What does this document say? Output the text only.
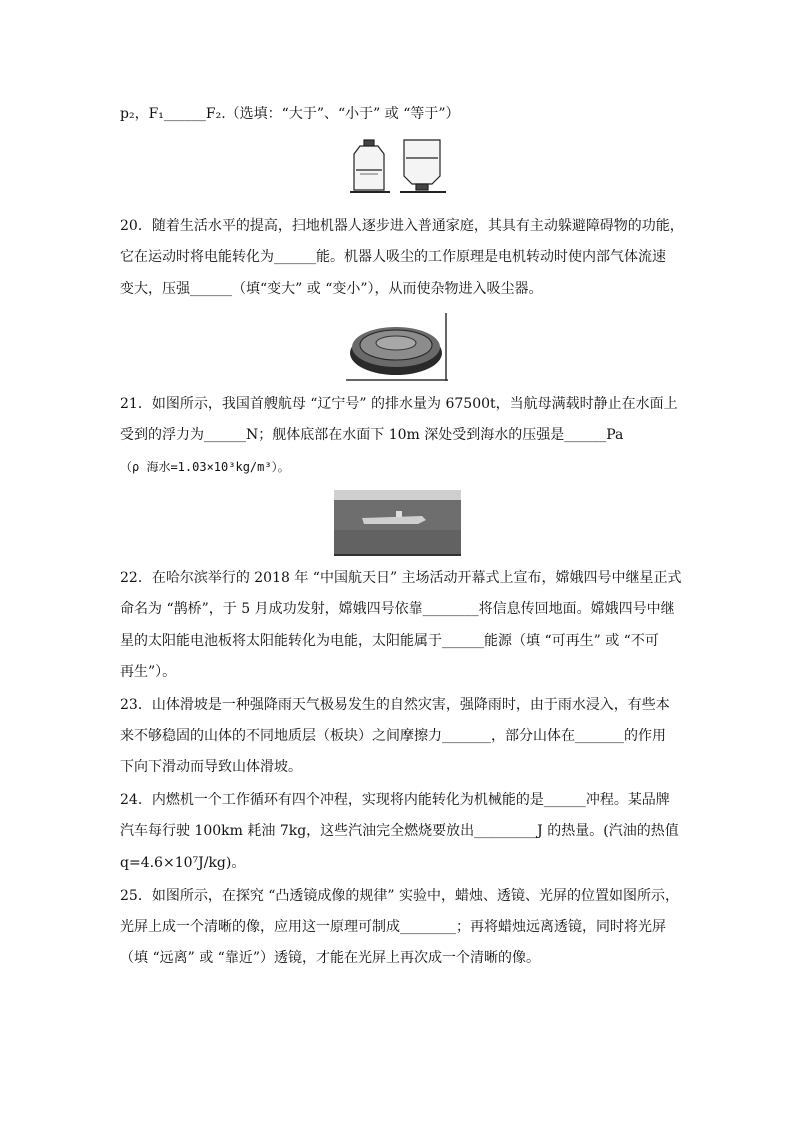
p₂，F₁______F₂.（选填：“大于”、“小于” 或 “等于”）
20．随着生活水平的提高，扫地机器人逐步进入普通家庭，其具有主动躲避障碍物的功能，
它在运动时将电能转化为______能。机器人吸尘的工作原理是电机转动时使内部气体流速
变大，压强______（填“变大” 或 “变小”），从而使杂物进入吸尘器。
21．如图所示，我国首艘航母 “辽宁号” 的排水量为 67500t，当航母满载时静止在水面上
受到的浮力为______N；舰体底部在水面下 10m 深处受到海水的压强是______Pa
（ρ 海水=1.03×10³kg/m³）。
22．在哈尔滨举行的 2018 年 “中国航天日” 主场活动开幕式上宣布，嫦娥四号中继星正式
命名为 “鹊桥”，于 5 月成功发射，嫦娥四号依靠________将信息传回地面。嫦娥四号中继
星的太阳能电池板将太阳能转化为电能，太阳能属于______能源（填 “可再生” 或 “不可
再生”）。
23．山体滑坡是一种强降雨天气极易发生的自然灾害，强降雨时，由于雨水浸入，有些本
来不够稳固的山体的不同地质层（板块）之间摩擦力_______，部分山体在_______的作用
下向下滑动而导致山体滑坡。
24．内燃机一个工作循环有四个冲程，实现将内能转化为机械能的是______冲程。某品牌
汽车每行驶 100km 耗油 7kg，这些汽油完全燃烧要放出_________J 的热量。(汽油的热值
q=4.6×10⁷J/kg)。
25．如图所示，在探究 “凸透镜成像的规律” 实验中，蜡烛、透镜、光屏的位置如图所示，
光屏上成一个清晰的像，应用这一原理可制成________；再将蜡烛远离透镜，同时将光屏
（填 “远离” 或 “靠近”）透镜，才能在光屏上再次成一个清晰的像。
